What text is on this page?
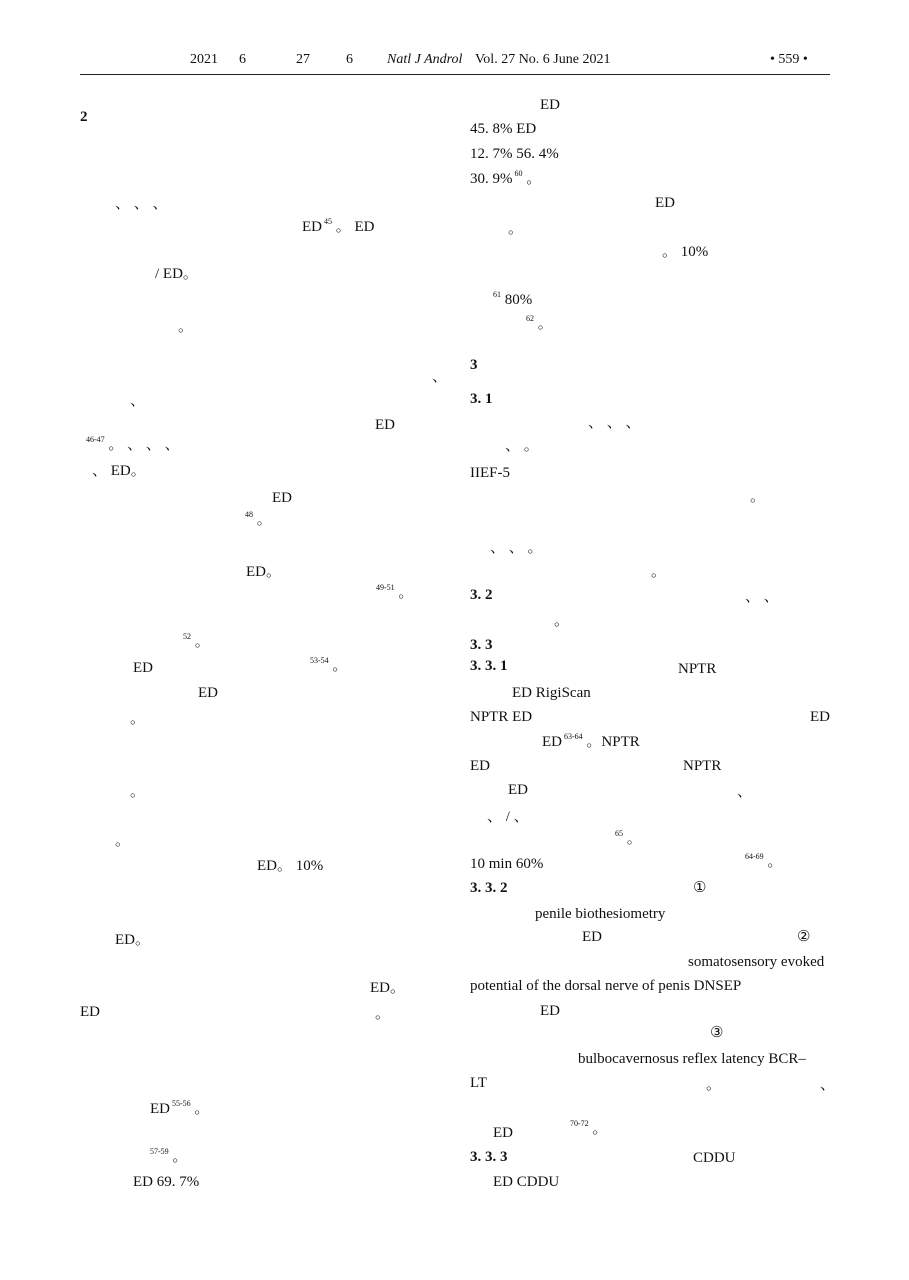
2021 6	27	6 Natl J Androl Vol. 27 No. 6 June 2021	• 559 •
2
、 、 、
ED $^{45}$ 。 ED
/ ED。
。
、
、
ED
$^{46-47}$ 。 、 、 、
、 ED。
ED
$^{48}$ 。
ED。
$^{49-51}$ 。
$^{52}$ 。
ED	$^{53-54}$ 。
ED
。
。
。
ED。 10%
ED。
ED。
ED	。
ED $^{55-56}$ 。
$^{57-59}$ 。
ED 69. 7%
ED
45. 8% ED
12. 7% 56. 4%
30. 9% $^{60}$ 。
ED
。
。 10%
$^{61}$ 80%
$^{62}$ 。
3
3. 1
、 、 、
、 。
IIEF-5
。
、 、 。
。
3. 2	、 、
。
3. 3
3. 3. 1	NPTR
ED RigiScan
NPTR ED	ED
ED $^{63-64}$ 。NPTR
ED	NPTR
ED	、
、 / 、
$^{65}$ 。
10 min 60%	$^{64-69}$ 。
3. 3. 2	①
penile biothesiometry
ED	②
somatosensory evoked
potential of the dorsal nerve of penis DNSEP
ED
③
bulbocavernosus reflex latency BCR–
LT	。	、
ED
$^{70-72}$ 。
3. 3. 3	CDDU
ED CDDU
